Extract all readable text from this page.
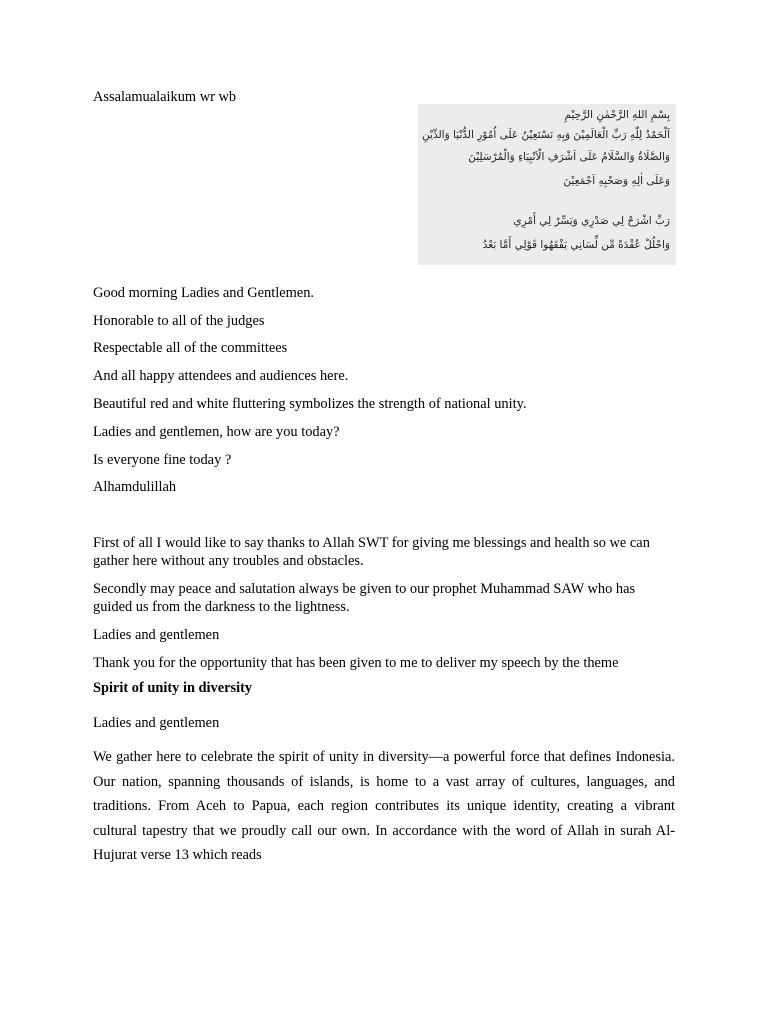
Assalamualaikum wr wb

بِسْمِ اللهِ الرَّحْمٰنِ الرَّحِيْمِ
اَلْحَمْدُ لِلّٰهِ رَبِّ الْعَالَمِيْنَ وَبِهِ نَسْتَعِيْنُ عَلَى اُمُوْرِ الدُّنْيَا وَالدِّيْنِ
وَالصَّلَاةُ وَالسَّلَامُ عَلَى اَشْرَفِ الْاَنْبِيَاءِ وَالْمُرْسَلِيْنَ
وَعَلَى اٰلِهِ وَصَحْبِهِ اَجْمَعِيْنَ
رَبِّ اشْرَحْ لِي صَدْرِي وَيَسِّرْ لِي أَمْرِي
وَاحْلُلْ عُقْدَةً مِّن لِّسَانِي يَفْقَهُوا قَوْلِي أَمَّا بَعْدُ

Good morning Ladies and Gentlemen.

Honorable to all of the judges

Respectable all of the committees

And all happy attendees and audiences here.

Beautiful red and white fluttering symbolizes the strength of national unity.

Ladies and gentlemen, how are you today?

Is everyone fine today ?

Alhamdulillah

First of all I would like to say thanks to Allah SWT for giving me blessings and health so we can gather here without any troubles and obstacles.

Secondly may peace and salutation always be given to our prophet Muhammad SAW who has guided us from the darkness to the lightness.

Ladies and gentlemen

Thank you for the opportunity that has been given to me to deliver my speech by the theme

Spirit of unity in diversity

Ladies and gentlemen

We gather here to celebrate the spirit of unity in diversity—a powerful force that defines Indonesia. Our nation, spanning thousands of islands, is home to a vast array of cultures, languages, and traditions. From Aceh to Papua, each region contributes its unique identity, creating a vibrant cultural tapestry that we proudly call our own. In accordance with the word of Allah in surah Al-Hujurat verse 13 which reads
